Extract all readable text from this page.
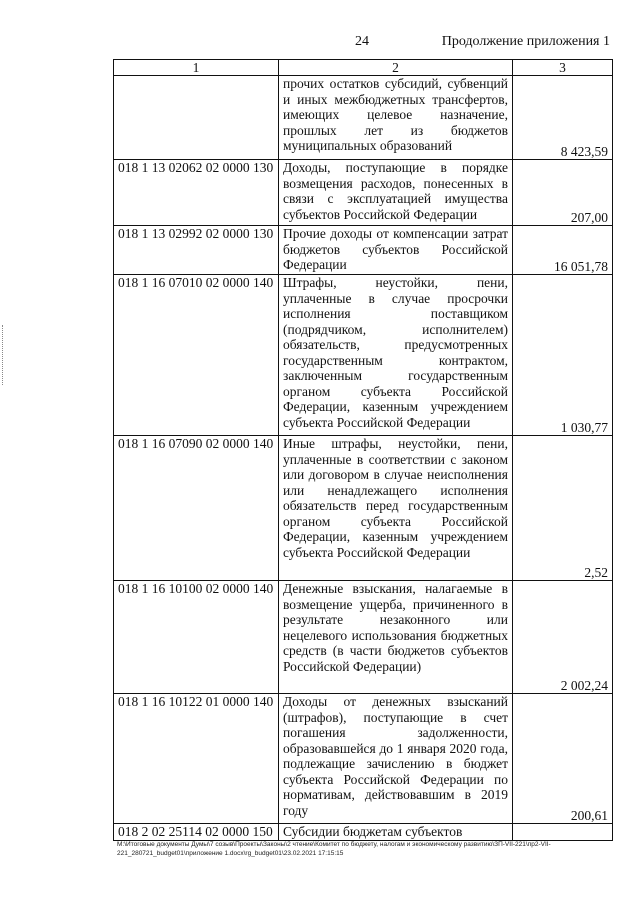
24	Продолжение приложения 1
1	2	3
	прочих остатков субсидий, субвенций и иных межбюджетных трансфертов, имеющих целевое назначение, прошлых лет из бюджетов муниципальных образований	8 423,59
018 1 13 02062 02 0000 130	Доходы, поступающие в порядке возмещения расходов, понесенных в связи с эксплуатацией имущества субъектов Российской Федерации	207,00
018 1 13 02992 02 0000 130	Прочие доходы от компенсации затрат бюджетов субъектов Российской Федерации	16 051,78
018 1 16 07010 02 0000 140	Штрафы, неустойки, пени, уплаченные в случае просрочки исполнения поставщиком (подрядчиком, исполнителем) обязательств, предусмотренных государственным контрактом, заключенным государственным органом субъекта Российской Федерации, казенным учреждением субъекта Российской Федерации	1 030,77
018 1 16 07090 02 0000 140	Иные штрафы, неустойки, пени, уплаченные в соответствии с законом или договором в случае неисполнения или ненадлежащего исполнения обязательств перед государственным органом субъекта Российской Федерации, казенным учреждением субъекта Российской Федерации	2,52
018 1 16 10100 02 0000 140	Денежные взыскания, налагаемые в возмещение ущерба, причиненного в результате незаконного или нецелевого использования бюджетных средств (в части бюджетов субъектов Российской Федерации)	2 002,24
018 1 16 10122 01 0000 140	Доходы от денежных взысканий (штрафов), поступающие в счет погашения задолженности, образовавшейся до 1 января 2020 года, подлежащие зачислению в бюджет субъекта Российской Федерации по нормативам, действовавшим в 2019 году	200,61
018 2 02 25114 02 0000 150	Субсидии бюджетам субъектов	
M:\Итоговые документы Думы\7 созыв\Проекты\Законы\2 чтение\Комитет по бюджету, налогам и экономическому развитию\ЗП-VII-221\пр2-VII-
221_280721_budget01\приложение 1.docx\rg_budget01\23.02.2021 17:15:15
